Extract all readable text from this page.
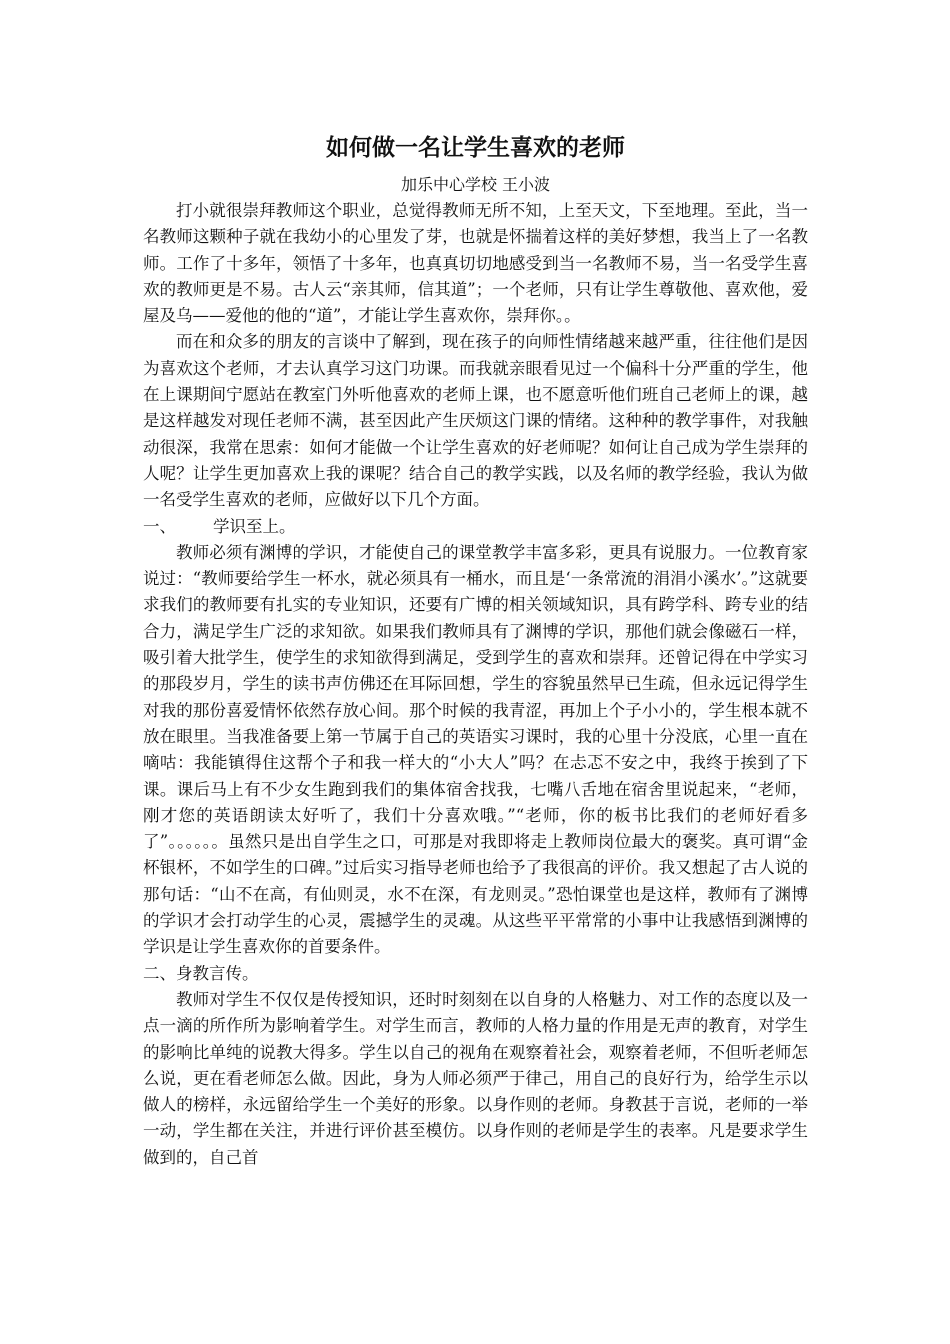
如何做一名让学生喜欢的老师

加乐中心学校 王小波

打小就很崇拜教师这个职业，总觉得教师无所不知，上至天文，下至地理。至此，当一名教师这颗种子就在我幼小的心里发了芽，也就是怀揣着这样的美好梦想，我当上了一名教师。工作了十多年，领悟了十多年，也真真切切地感受到当一名教师不易，当一名受学生喜欢的教师更是不易。古人云“亲其师，信其道”；一个老师，只有让学生尊敬他、喜欢他，爱屋及乌——爱他的他的“道”，才能让学生喜欢你，崇拜你。。

而在和众多的朋友的言谈中了解到，现在孩子的向师性情绪越来越严重，往往他们是因为喜欢这个老师，才去认真学习这门功课。而我就亲眼看见过一个偏科十分严重的学生，他在上课期间宁愿站在教室门外听他喜欢的老师上课，也不愿意听他们班自己老师上的课，越是这样越发对现任老师不满，甚至因此产生厌烦这门课的情绪。这种种的教学事件，对我触动很深，我常在思索：如何才能做一个让学生喜欢的好老师呢？如何让自己成为学生崇拜的人呢？让学生更加喜欢上我的课呢？结合自己的教学实践，以及名师的教学经验，我认为做一名受学生喜欢的老师，应做好以下几个方面。

一、 学识至上。

教师必须有渊博的学识，才能使自己的课堂教学丰富多彩，更具有说服力。一位教育家说过：“教师要给学生一杯水，就必须具有一桶水，而且是‘一条常流的涓涓小溪水’。”这就要求我们的教师要有扎实的专业知识，还要有广博的相关领域知识，具有跨学科、跨专业的结合力，满足学生广泛的求知欲。如果我们教师具有了渊博的学识，那他们就会像磁石一样，吸引着大批学生，使学生的求知欲得到满足，受到学生的喜欢和崇拜。还曾记得在中学实习的那段岁月，学生的读书声仿佛还在耳际回想，学生的容貌虽然早已生疏，但永远记得学生对我的那份喜爱情怀依然存放心间。那个时候的我青涩，再加上个子小小的，学生根本就不放在眼里。当我准备要上第一节属于自己的英语实习课时，我的心里十分没底，心里一直在嘀咕：我能镇得住这帮个子和我一样大的“小大人”吗？在忐忑不安之中，我终于挨到了下课。课后马上有不少女生跑到我们的集体宿舍找我，七嘴八舌地在宿舍里说起来，“老师，刚才您的英语朗读太好听了，我们十分喜欢哦。”“老师，你的板书比我们的老师好看多了”。。。。。。虽然只是出自学生之口，可那是对我即将走上教师岗位最大的褒奖。真可谓“金杯银杯，不如学生的口碑。”过后实习指导老师也给予了我很高的评价。我又想起了古人说的那句话：“山不在高，有仙则灵，水不在深，有龙则灵。”恐怕课堂也是这样，教师有了渊博的学识才会打动学生的心灵，震撼学生的灵魂。从这些平平常常的小事中让我感悟到渊博的学识是让学生喜欢你的首要条件。

二、身教言传。

教师对学生不仅仅是传授知识，还时时刻刻在以自身的人格魅力、对工作的态度以及一点一滴的所作所为影响着学生。对学生而言，教师的人格力量的作用是无声的教育，对学生的影响比单纯的说教大得多。学生以自己的视角在观察着社会，观察着老师，不但听老师怎么说，更在看老师怎么做。因此，身为人师必须严于律己，用自己的良好行为，给学生示以做人的榜样，永远留给学生一个美好的形象。以身作则的老师。身教甚于言说，老师的一举一动，学生都在关注，并进行评价甚至模仿。以身作则的老师是学生的表率。凡是要求学生做到的，自己首
